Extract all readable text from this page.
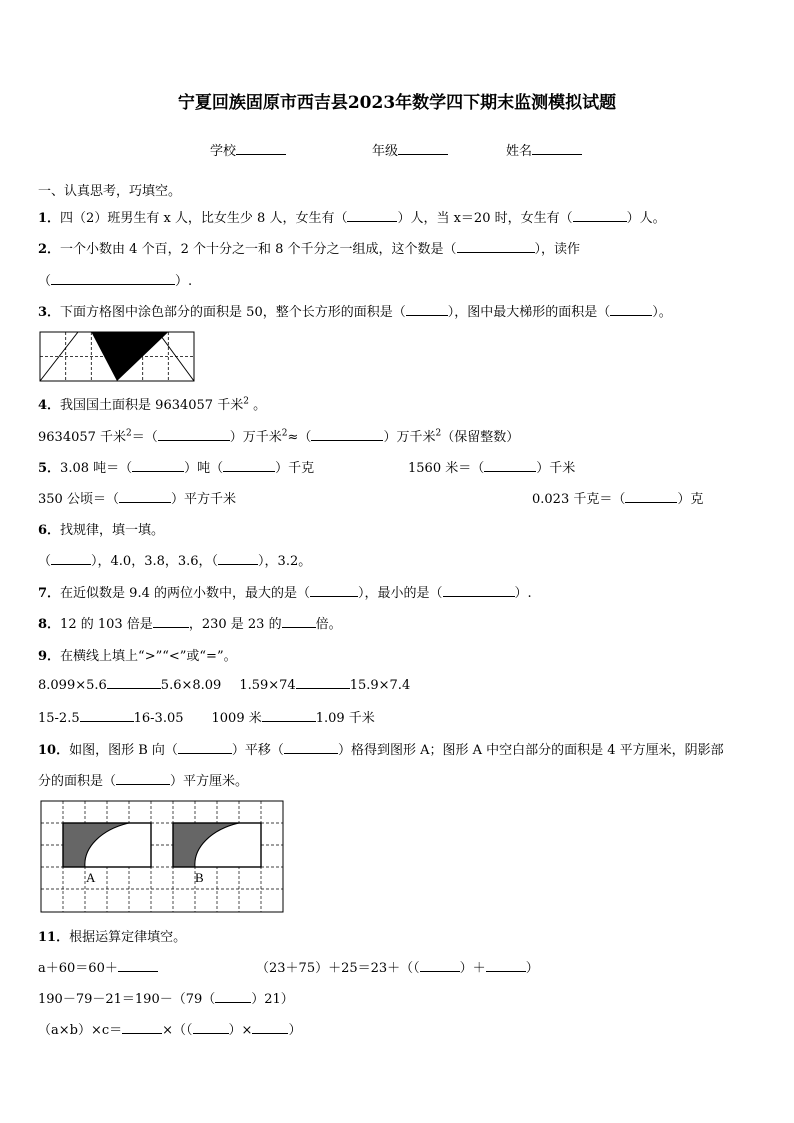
宁夏回族固原市西吉县2023年数学四下期末监测模拟试题
学校	年级	姓名
一、认真思考，巧填空。
1．四（2）班男生有 x 人，比女生少 8 人，女生有（	）人，当 x＝20 时，女生有（	）人。
2．一个小数由 4 个百，2 个十分之一和 8 个千分之一组成，这个数是（	），读作
（	）.
3．下面方格图中涂色部分的面积是 50，整个长方形的面积是（	），图中最大梯形的面积是（	）。
4．我国国土面积是 9634057 千米$^2$ 。
9634057 千米$^2$＝（	）万千米$^2$≈（	）万千米$^2$（保留整数）
5．3.08 吨＝（	）吨（	）千克	1560 米＝（	）千米
350 公顷＝（	）平方千米	0.023 千克＝（	）克
6．找规律，填一填。
（	），4.0，3.8，3.6，（	），3.2。
7．在近似数是 9.4 的两位小数中，最大的是（	），最小的是（	）.
8．12 的 103 倍是	，230 是 23 的	倍。
9．在横线上填上“>”“<”或“=”。
8.099×5.6	5.6×8.09 1.59×74	15.9×7.4
15-2.5	16-3.05 1009 米	1.09 千米
10．如图，图形 B 向（	）平移（	）格得到图形 A；图形 A 中空白部分的面积是 4 平方厘米，阴影部
分的面积是（	）平方厘米。
A	B
11．根据运算定律填空。
a＋60＝60＋	（23＋75）＋25＝23＋（（	）＋	）
190－79－21＝190－（79（	）21）
（a×b）×c＝	×（（	）×	）
